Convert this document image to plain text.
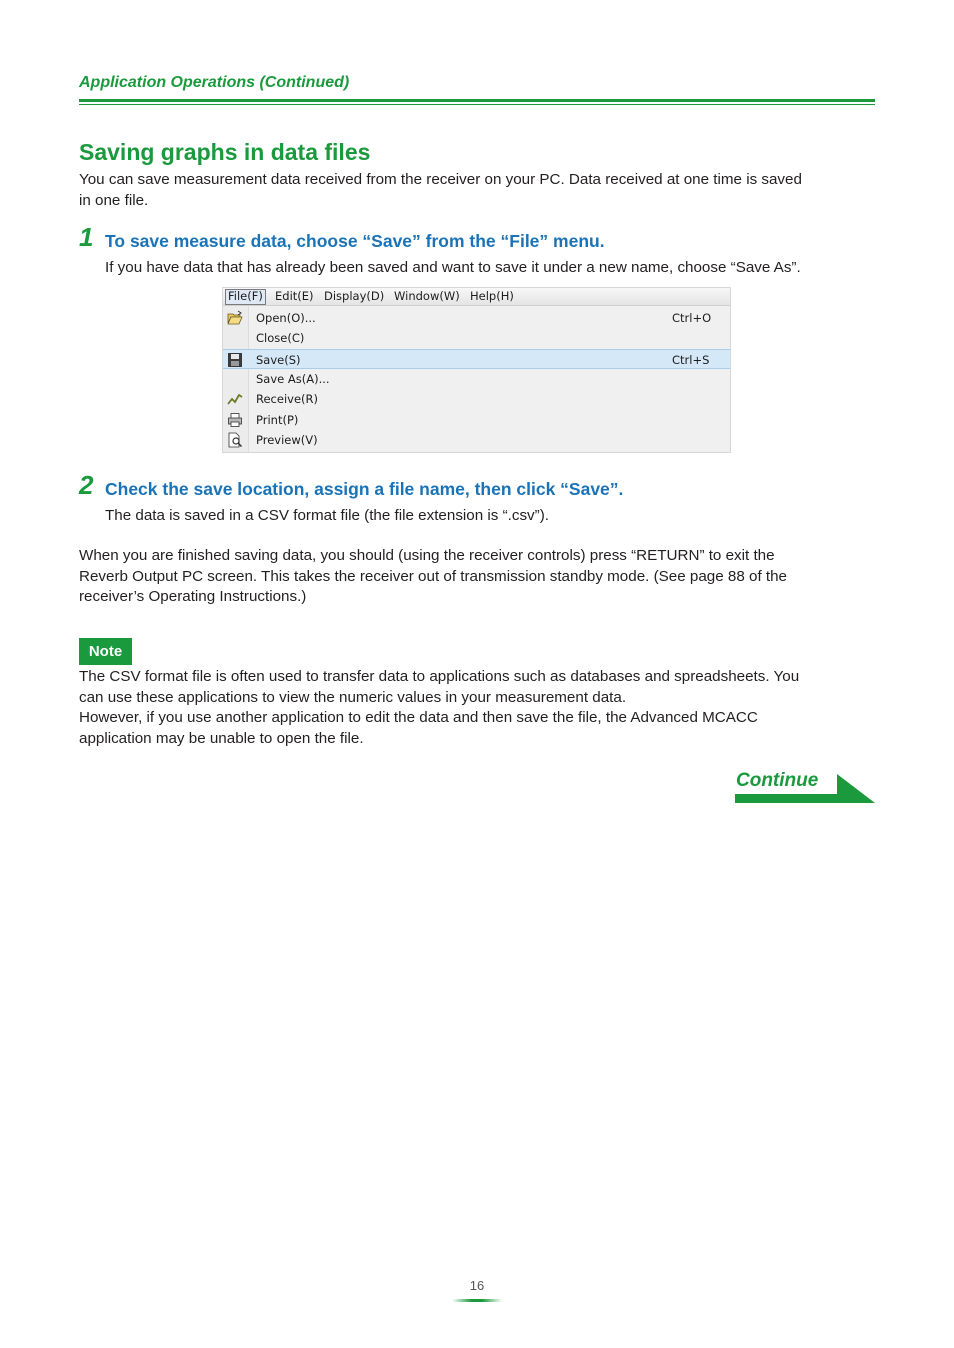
Application Operations (Continued)
Saving graphs in data files
You can save measurement data received from the receiver on your PC. Data received at one time is saved
in one file.
1 To save measure data, choose “Save” from the “File” menu.
If you have data that has already been saved and want to save it under a new name, choose “Save As”.
File(F) Edit(E) Display(D) Window(W) Help(H)
Open(O)...	Ctrl+O
Close(C)
Save(S)	Ctrl+S
Save As(A)...
Receive(R)
Print(P)
Preview(V)
2 Check the save location, assign a file name, then click “Save”.
The data is saved in a CSV format file (the file extension is “.csv”).
When you are finished saving data, you should (using the receiver controls) press “RETURN” to exit the
Reverb Output PC screen. This takes the receiver out of transmission standby mode. (See page 88 of the
receiver’s Operating Instructions.)
Note
The CSV format file is often used to transfer data to applications such as databases and spreadsheets. You
can use these applications to view the numeric values in your measurement data.
However, if you use another application to edit the data and then save the file, the Advanced MCACC
application may be unable to open the file.
Continue
16
